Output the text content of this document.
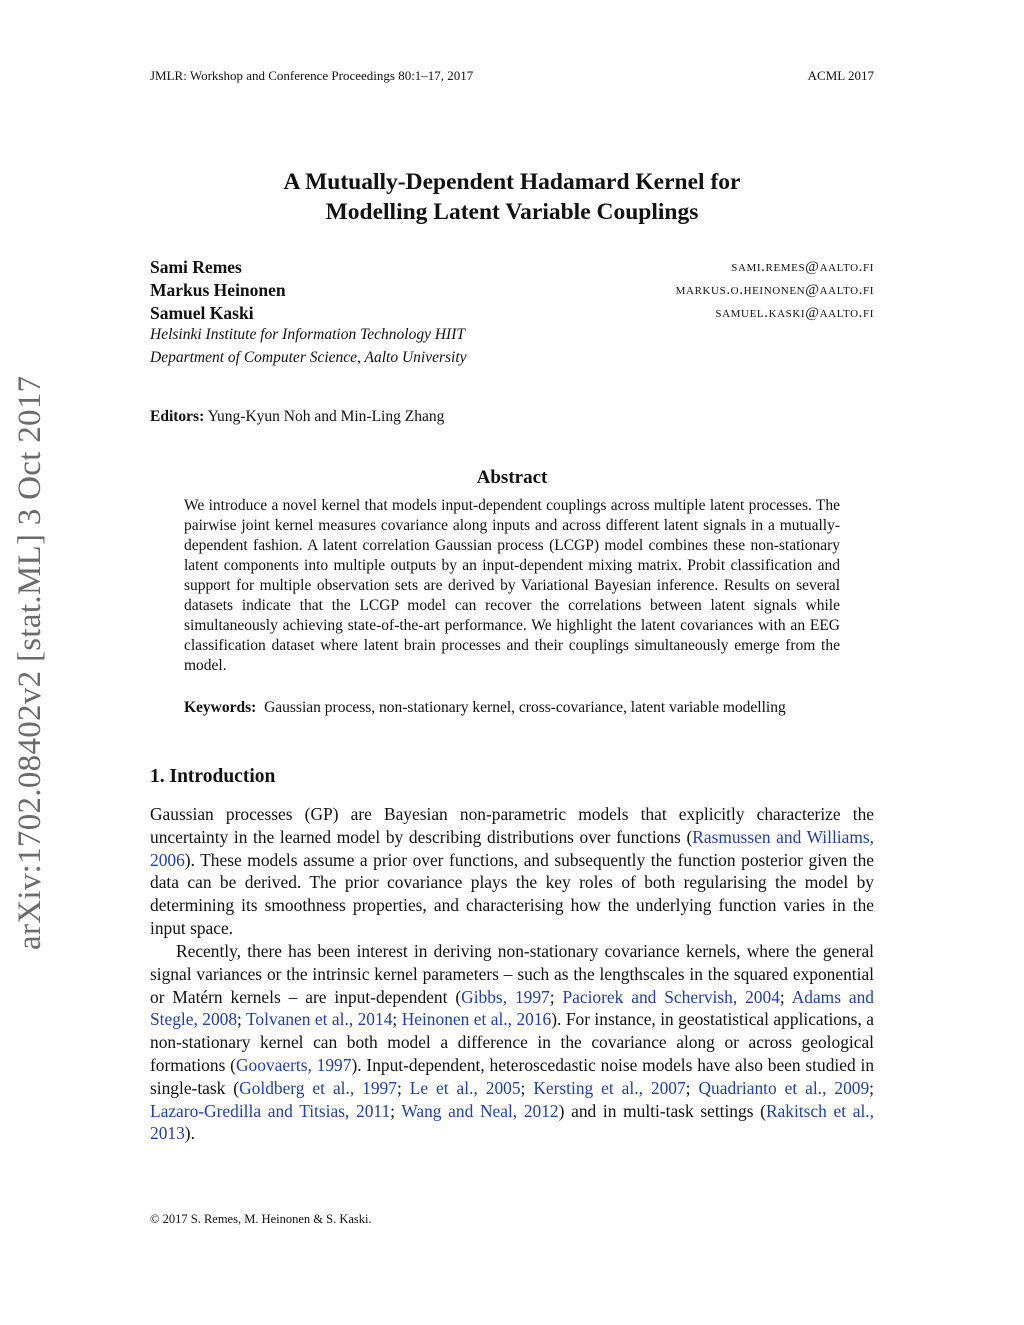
JMLR: Workshop and Conference Proceedings 80:1–17, 2017	ACML 2017
arXiv:1702.08402v2 [stat.ML] 3 Oct 2017
A Mutually-Dependent Hadamard Kernel for
Modelling Latent Variable Couplings
Sami Remes	sami.remes@aalto.fi
Markus Heinonen	markus.o.heinonen@aalto.fi
Samuel Kaski	samuel.kaski@aalto.fi
Helsinki Institute for Information Technology HIIT
Department of Computer Science, Aalto University
Editors: Yung-Kyun Noh and Min-Ling Zhang
Abstract
We introduce a novel kernel that models input-dependent couplings across multiple latent processes. The pairwise joint kernel measures covariance along inputs and across different latent signals in a mutually-dependent fashion. A latent correlation Gaussian process (LCGP) model combines these non-stationary latent components into multiple outputs by an input-dependent mixing matrix. Probit classification and support for multiple observation sets are derived by Variational Bayesian inference. Results on several datasets indicate that the LCGP model can recover the correlations between latent signals while simultaneously achieving state-of-the-art performance. We highlight the latent covariances with an EEG classification dataset where latent brain processes and their couplings simultaneously emerge from the model.
Keywords: Gaussian process, non-stationary kernel, cross-covariance, latent variable modelling
1. Introduction
Gaussian processes (GP) are Bayesian non-parametric models that explicitly characterize the uncertainty in the learned model by describing distributions over functions (Rasmussen and Williams, 2006). These models assume a prior over functions, and subsequently the function posterior given the data can be derived. The prior covariance plays the key roles of both regularising the model by determining its smoothness properties, and characterising how the underlying function varies in the input space.
Recently, there has been interest in deriving non-stationary covariance kernels, where the general signal variances or the intrinsic kernel parameters – such as the lengthscales in the squared exponential or Matérn kernels – are input-dependent (Gibbs, 1997; Paciorek and Schervish, 2004; Adams and Stegle, 2008; Tolvanen et al., 2014; Heinonen et al., 2016). For instance, in geostatistical applications, a non-stationary kernel can both model a difference in the covariance along or across geological formations (Goovaerts, 1997). Input-dependent, heteroscedastic noise models have also been studied in single-task (Goldberg et al., 1997; Le et al., 2005; Kersting et al., 2007; Quadrianto et al., 2009; Lazaro-Gredilla and Titsias, 2011; Wang and Neal, 2012) and in multi-task settings (Rakitsch et al., 2013).
© 2017 S. Remes, M. Heinonen & S. Kaski.
